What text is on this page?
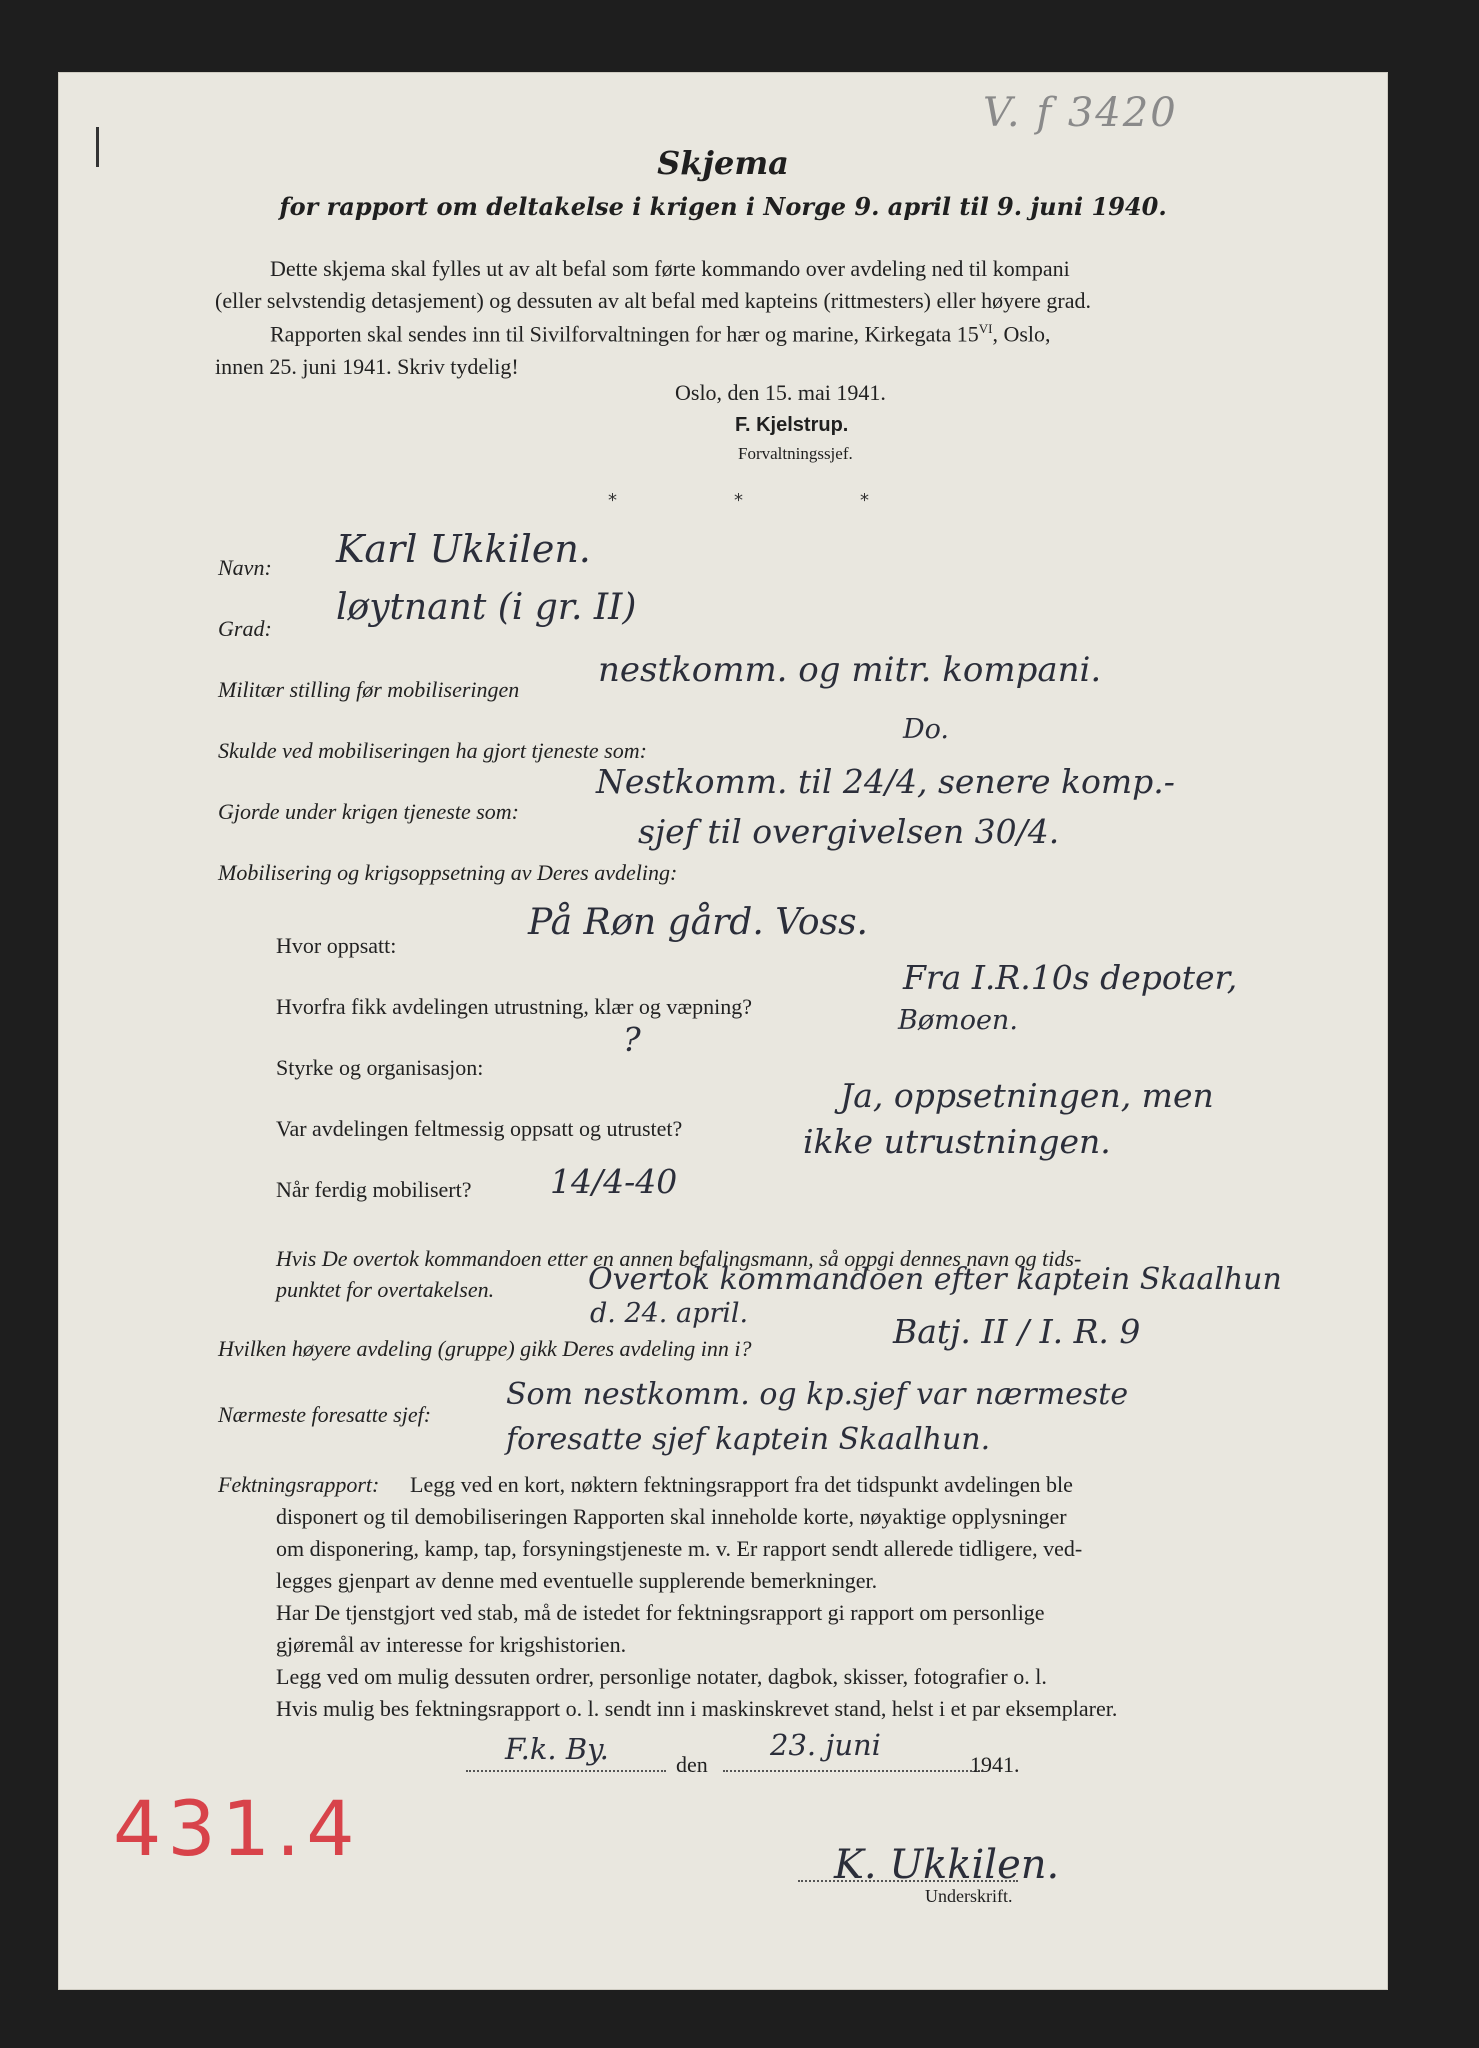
V. f 3420
Skjema
for rapport om deltakelse i krigen i Norge 9. april til 9. juni 1940.
Dette skjema skal fylles ut av alt befal som førte kommando over avdeling ned til kompani
(eller selvstendig detasjement) og dessuten av alt befal med kapteins (rittmesters) eller høyere grad.
Rapporten skal sendes inn til Sivilforvaltningen for hær og marine, Kirkegata $15^{VI}$, Oslo,
innen 25. juni 1941. Skriv tydelig!
Oslo, den 15. mai 1941.
F. Kjelstrup.
Forvaltningssjef.
*	*	*
Navn: Karl Ukkilen.
Grad:
løytnant (i gr. II)
Militær stilling før mobiliseringen nestkomm. og mitr. kompani.
Skulde ved mobiliseringen ha gjort tjeneste som:
Do.
Gjorde under krigen tjeneste som:
Nestkomm. til 24/4, senere komp.-
sjef til overgivelsen 30/4.
Mobilisering og krigsoppsetning av Deres avdeling:
Hvor oppsatt:
På Røn gård. Voss.
Hvorfra fikk avdelingen utrustning, klær og væpning?
Fra I.R.10s depoter,
Bømoen.
Styrke og organisasjon:
?
Var avdelingen feltmessig oppsatt og utrustet?
Ja, oppsetningen, men
ikke utrustningen.
Når ferdig mobilisert? 14/4-40
Hvis De overtok kommandoen etter en annen befalingsmann, så oppgi dennes navn og tids-
punktet for overtakelsen.	Overtok kommandoen efter kaptein Skaalhun
d. 24. april.
Hvilken høyere avdeling (gruppe) gikk Deres avdeling inn i?	Batj. II / I. R. 9
Nærmeste foresatte sjef:
Som nestkomm. og kp.sjef var nærmeste
foresatte sjef kaptein Skaalhun.
Fektningsrapport: Legg ved en kort, nøktern fektningsrapport fra det tidspunkt avdelingen ble
disponert og til demobiliseringen Rapporten skal inneholde korte, nøyaktige opplysninger
om disponering, kamp, tap, forsyningstjeneste m. v. Er rapport sendt allerede tidligere, ved-
legges gjenpart av denne med eventuelle supplerende bemerkninger.
Har De tjenstgjort ved stab, må de istedet for fektningsrapport gi rapport om personlige
gjøremål av interesse for krigshistorien.
Legg ved om mulig dessuten ordrer, personlige notater, dagbok, skisser, fotografier o. l.
Hvis mulig bes fektningsrapport o. l. sendt inn i maskinskrevet stand, helst i et par eksemplarer.
F.k. By.	den
23. juni
1941.
431.4	K. Ukkilen.
Underskrift.
